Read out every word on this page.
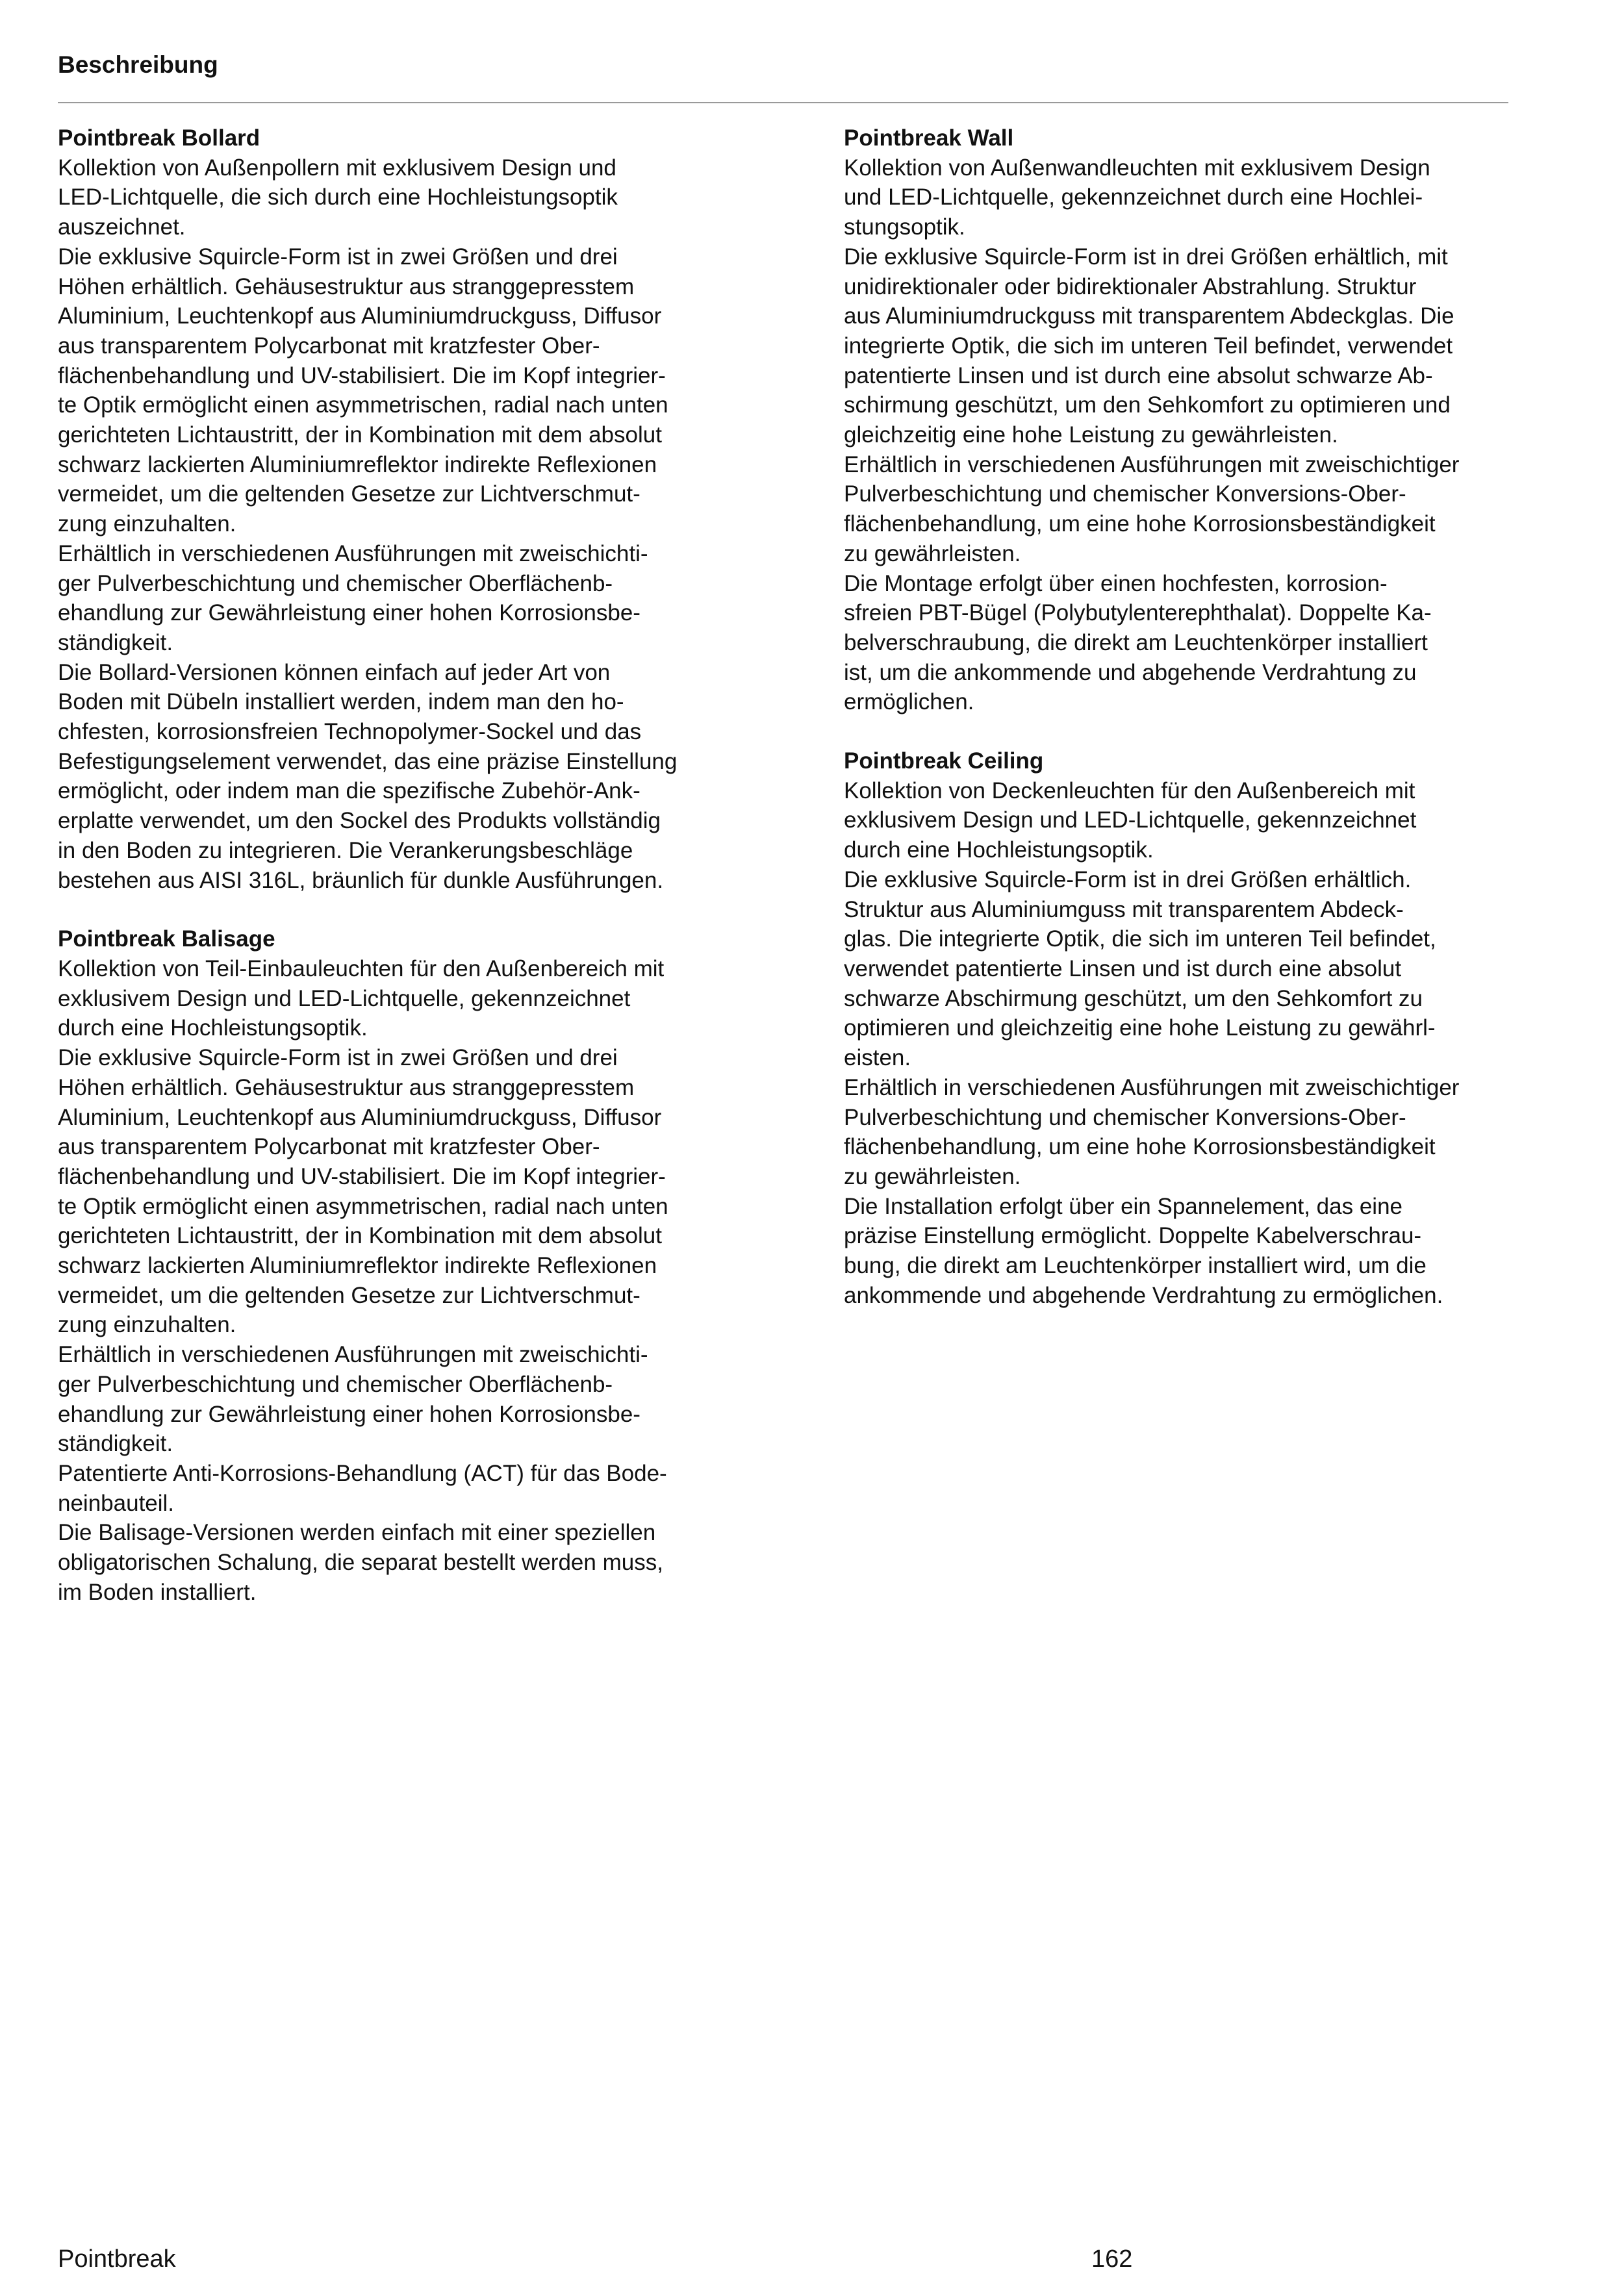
Beschreibung
Pointbreak Bollard

Kollektion von Außenpollern mit exklusivem Design und
LED-Lichtquelle, die sich durch eine Hochleistungsoptik
auszeichnet.

Die exklusive Squircle-Form ist in zwei Größen und drei
Höhen erhältlich. Gehäusestruktur aus stranggepresstem
Aluminium, Leuchtenkopf aus Aluminiumdruckguss, Diffusor
aus transparentem Polycarbonat mit kratzfester Ober-
flächenbehandlung und UV-stabilisiert. Die im Kopf integrier-
te Optik ermöglicht einen asymmetrischen, radial nach unten
gerichteten Lichtaustritt, der in Kombination mit dem absolut
schwarz lackierten Aluminiumreflektor indirekte Reflexionen
vermeidet, um die geltenden Gesetze zur Lichtverschmut-
zung einzuhalten.

Erhältlich in verschiedenen Ausführungen mit zweischichti-
ger Pulverbeschichtung und chemischer Oberflächenb-
ehandlung zur Gewährleistung einer hohen Korrosionsbe-
ständigkeit.

Die Bollard-Versionen können einfach auf jeder Art von
Boden mit Dübeln installiert werden, indem man den ho-
chfesten, korrosionsfreien Technopolymer-Sockel und das
Befestigungselement verwendet, das eine präzise Einstellung
ermöglicht, oder indem man die spezifische Zubehör-Ank-
erplatte verwendet, um den Sockel des Produkts vollständig
in den Boden zu integrieren. Die Verankerungsbeschläge
bestehen aus AISI 316L, bräunlich für dunkle Ausführungen.

Pointbreak Balisage

Kollektion von Teil-Einbauleuchten für den Außenbereich mit
exklusivem Design und LED-Lichtquelle, gekennzeichnet
durch eine Hochleistungsoptik.

Die exklusive Squircle-Form ist in zwei Größen und drei
Höhen erhältlich. Gehäusestruktur aus stranggepresstem
Aluminium, Leuchtenkopf aus Aluminiumdruckguss, Diffusor
aus transparentem Polycarbonat mit kratzfester Ober-
flächenbehandlung und UV-stabilisiert. Die im Kopf integrier-
te Optik ermöglicht einen asymmetrischen, radial nach unten
gerichteten Lichtaustritt, der in Kombination mit dem absolut
schwarz lackierten Aluminiumreflektor indirekte Reflexionen
vermeidet, um die geltenden Gesetze zur Lichtverschmut-
zung einzuhalten.

Erhältlich in verschiedenen Ausführungen mit zweischichti-
ger Pulverbeschichtung und chemischer Oberflächenb-
ehandlung zur Gewährleistung einer hohen Korrosionsbe-
ständigkeit.

Patentierte Anti-Korrosions-Behandlung (ACT) für das Bode-
neinbauteil.

Die Balisage-Versionen werden einfach mit einer speziellen
obligatorischen Schalung, die separat bestellt werden muss,
im Boden installiert.

Pointbreak Wall

Kollektion von Außenwandleuchten mit exklusivem Design
und LED-Lichtquelle, gekennzeichnet durch eine Hochlei-
stungsoptik.

Die exklusive Squircle-Form ist in drei Größen erhältlich, mit
unidirektionaler oder bidirektionaler Abstrahlung. Struktur
aus Aluminiumdruckguss mit transparentem Abdeckglas. Die
integrierte Optik, die sich im unteren Teil befindet, verwendet
patentierte Linsen und ist durch eine absolut schwarze Ab-
schirmung geschützt, um den Sehkomfort zu optimieren und
gleichzeitig eine hohe Leistung zu gewährleisten.

Erhältlich in verschiedenen Ausführungen mit zweischichtiger
Pulverbeschichtung und chemischer Konversions-Ober-
flächenbehandlung, um eine hohe Korrosionsbeständigkeit
zu gewährleisten.

Die Montage erfolgt über einen hochfesten, korrosion-
sfreien PBT-Bügel (Polybutylenterephthalat). Doppelte Ka-
belverschraubung, die direkt am Leuchtenkörper installiert
ist, um die ankommende und abgehende Verdrahtung zu
ermöglichen.

Pointbreak Ceiling

Kollektion von Deckenleuchten für den Außenbereich mit
exklusivem Design und LED-Lichtquelle, gekennzeichnet
durch eine Hochleistungsoptik.

Die exklusive Squircle-Form ist in drei Größen erhältlich.
Struktur aus Aluminiumguss mit transparentem Abdeck-
glas. Die integrierte Optik, die sich im unteren Teil befindet,
verwendet patentierte Linsen und ist durch eine absolut
schwarze Abschirmung geschützt, um den Sehkomfort zu
optimieren und gleichzeitig eine hohe Leistung zu gewährl-
eisten.

Erhältlich in verschiedenen Ausführungen mit zweischichtiger
Pulverbeschichtung und chemischer Konversions-Ober-
flächenbehandlung, um eine hohe Korrosionsbeständigkeit
zu gewährleisten.

Die Installation erfolgt über ein Spannelement, das eine
präzise Einstellung ermöglicht. Doppelte Kabelverschrau-
bung, die direkt am Leuchtenkörper installiert wird, um die
ankommende und abgehende Verdrahtung zu ermöglichen.

Pointbreak	162
